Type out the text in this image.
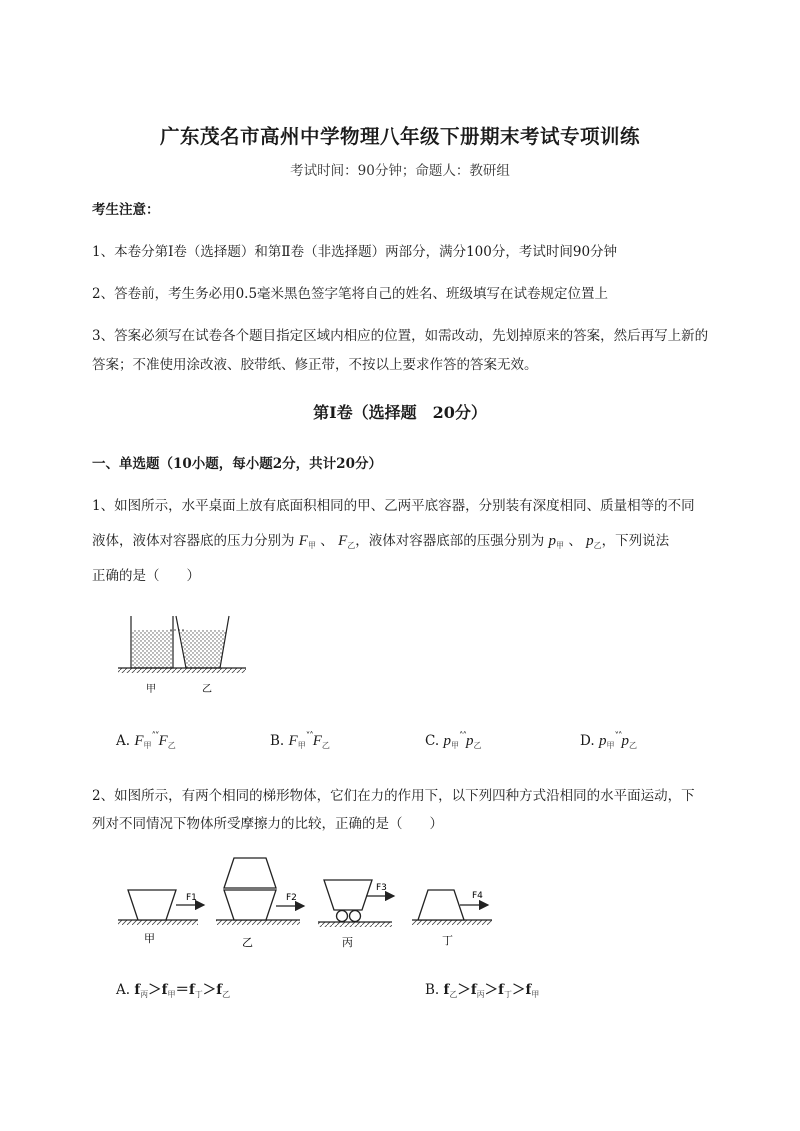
广东茂名市高州中学物理八年级下册期末考试专项训练
考试时间：90分钟；命题人：教研组
考生注意：
1、本卷分第I卷（选择题）和第Ⅱ卷（非选择题）两部分，满分100分，考试时间90分钟
2、答卷前，考生务必用0.5毫米黑色签字笔将自己的姓名、班级填写在试卷规定位置上
3、答案必须写在试卷各个题目指定区域内相应的位置，如需改动，先划掉原来的答案，然后再写上新的答案；不准使用涂改液、胶带纸、修正带，不按以上要求作答的答案无效。
第I卷（选择题　20分）
一、单选题（10小题，每小题2分，共计20分）
1、如图所示，水平桌面上放有底面积相同的甲、乙两平底容器，分别装有深度相同、质量相等的不同
液体，液体对容器底的压力分别为 $F_甲$ 、 $F_乙$，液体对容器底部的压强分别为 $p_甲$ 、 $p_乙$，下列说法
正确的是（　　）
甲	乙
A. $F_甲^{˄˅}F_乙$	B. $F_甲^{˅˄}F_乙$	C. $p_甲^{˄˄}p_乙$	D. $p_甲^{˅˄}p_乙$
2、如图所示，有两个相同的梯形物体，它们在力的作用下，以下列四种方式沿相同的水平面运动，下
列对不同情况下物体所受摩擦力的比较，正确的是（　　）
F1
甲
F2
乙
F3
丙
F4
丁
A. $f_丙>f_甲=f_丁>f_乙$	B. $f_乙>f_丙>f_丁>f_甲$
